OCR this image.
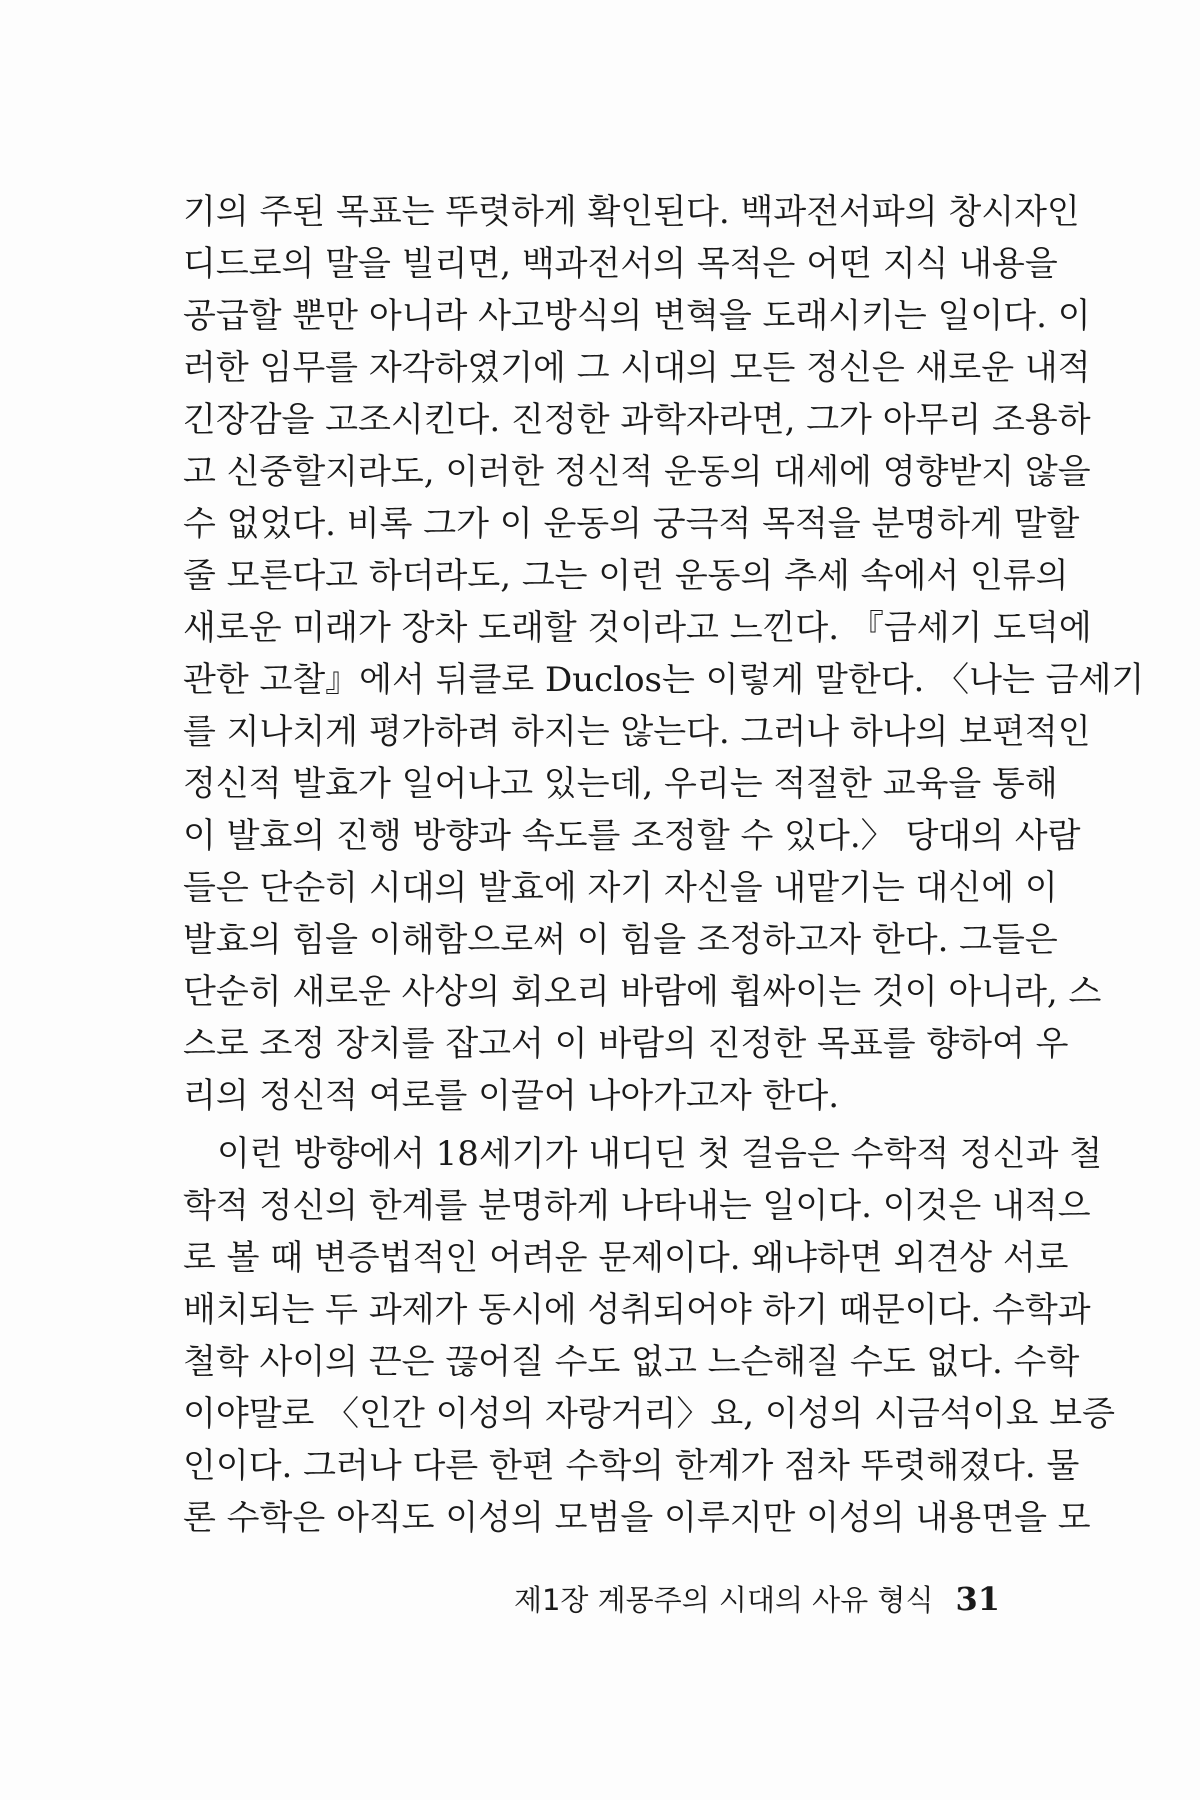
기의 주된 목표는 뚜렷하게 확인된다. 백과전서파의 창시자인
디드로의 말을 빌리면, 백과전서의 목적은 어떤 지식 내용을
공급할 뿐만 아니라 사고방식의 변혁을 도래시키는 일이다. 이
러한 임무를 자각하였기에 그 시대의 모든 정신은 새로운 내적
긴장감을 고조시킨다. 진정한 과학자라면, 그가 아무리 조용하
고 신중할지라도, 이러한 정신적 운동의 대세에 영향받지 않을
수 없었다. 비록 그가 이 운동의 궁극적 목적을 분명하게 말할
줄 모른다고 하더라도, 그는 이런 운동의 추세 속에서 인류의
새로운 미래가 장차 도래할 것이라고 느낀다. 『금세기 도덕에
관한 고찰』에서 뒤클로 Duclos는 이렇게 말한다. 〈나는 금세기
를 지나치게 평가하려 하지는 않는다. 그러나 하나의 보편적인
정신적 발효가 일어나고 있는데, 우리는 적절한 교육을 통해
이 발효의 진행 방향과 속도를 조정할 수 있다.〉 당대의 사람
들은 단순히 시대의 발효에 자기 자신을 내맡기는 대신에 이
발효의 힘을 이해함으로써 이 힘을 조정하고자 한다. 그들은
단순히 새로운 사상의 회오리 바람에 휩싸이는 것이 아니라, 스
스로 조정 장치를 잡고서 이 바람의 진정한 목표를 향하여 우
리의 정신적 여로를 이끌어 나아가고자 한다.
이런 방향에서 18세기가 내디딘 첫 걸음은 수학적 정신과 철
학적 정신의 한계를 분명하게 나타내는 일이다. 이것은 내적으
로 볼 때 변증법적인 어려운 문제이다. 왜냐하면 외견상 서로
배치되는 두 과제가 동시에 성취되어야 하기 때문이다. 수학과
철학 사이의 끈은 끊어질 수도 없고 느슨해질 수도 없다. 수학
이야말로 〈인간 이성의 자랑거리〉요, 이성의 시금석이요 보증
인이다. 그러나 다른 한편 수학의 한계가 점차 뚜렷해졌다. 물
론 수학은 아직도 이성의 모범을 이루지만 이성의 내용면을 모
제1장 계몽주의 시대의 사유 형식 31
